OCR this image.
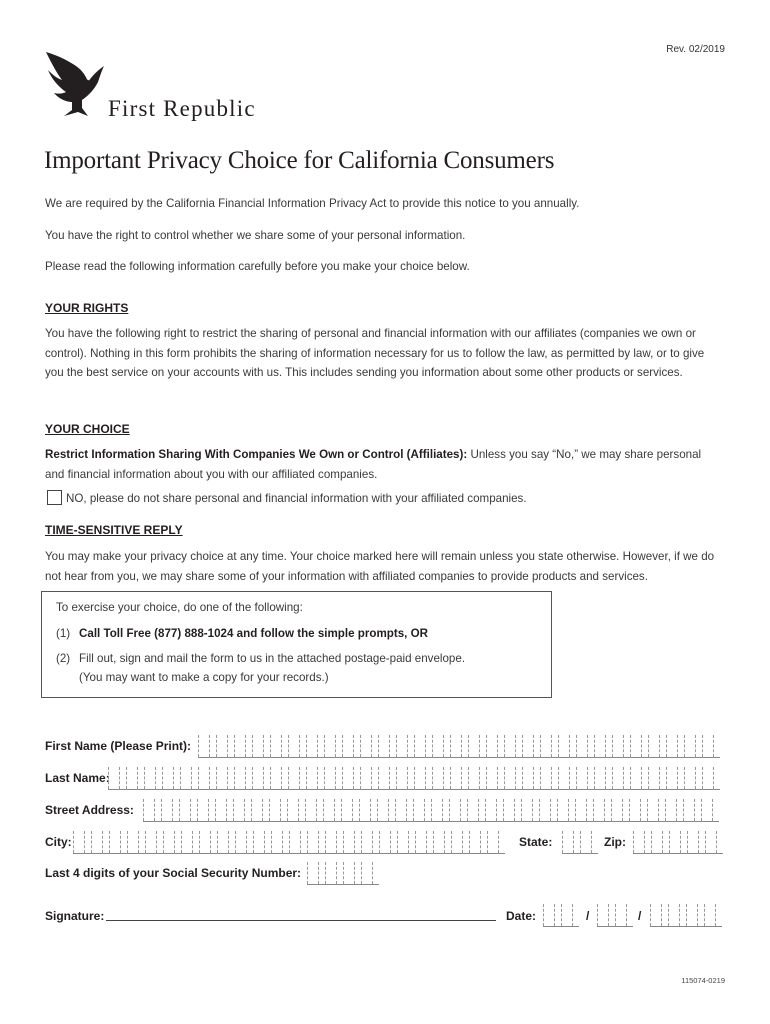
Rev. 02/2019
First Republic
Important Privacy Choice for California Consumers
We are required by the California Financial Information Privacy Act to provide this notice to you annually.
You have the right to control whether we share some of your personal information.
Please read the following information carefully before you make your choice below.
YOUR RIGHTS
You have the following right to restrict the sharing of personal and financial information with our affiliates (companies we own or control). Nothing in this form prohibits the sharing of information necessary for us to follow the law, as permitted by law, or to give you the best service on your accounts with us. This includes sending you information about some other products or services.
YOUR CHOICE
Restrict Information Sharing With Companies We Own or Control (Affiliates): Unless you say “No,” we may share personal and financial information about you with our affiliated companies.
NO, please do not share personal and financial information with your affiliated companies.
TIME-SENSITIVE REPLY
You may make your privacy choice at any time. Your choice marked here will remain unless you state otherwise. However, if we do not hear from you, we may share some of your information with affiliated companies to provide products and services.
To exercise your choice, do one of the following:
(1) Call Toll Free (877) 888-1024 and follow the simple prompts, OR
(2) Fill out, sign and mail the form to us in the attached postage-paid envelope.
(You may want to make a copy for your records.)
First Name (Please Print):
Last Name:
Street Address:
City:	State:	Zip:
Last 4 digits of your Social Security Number:
Signature:	Date:	/	/
115074-0219
